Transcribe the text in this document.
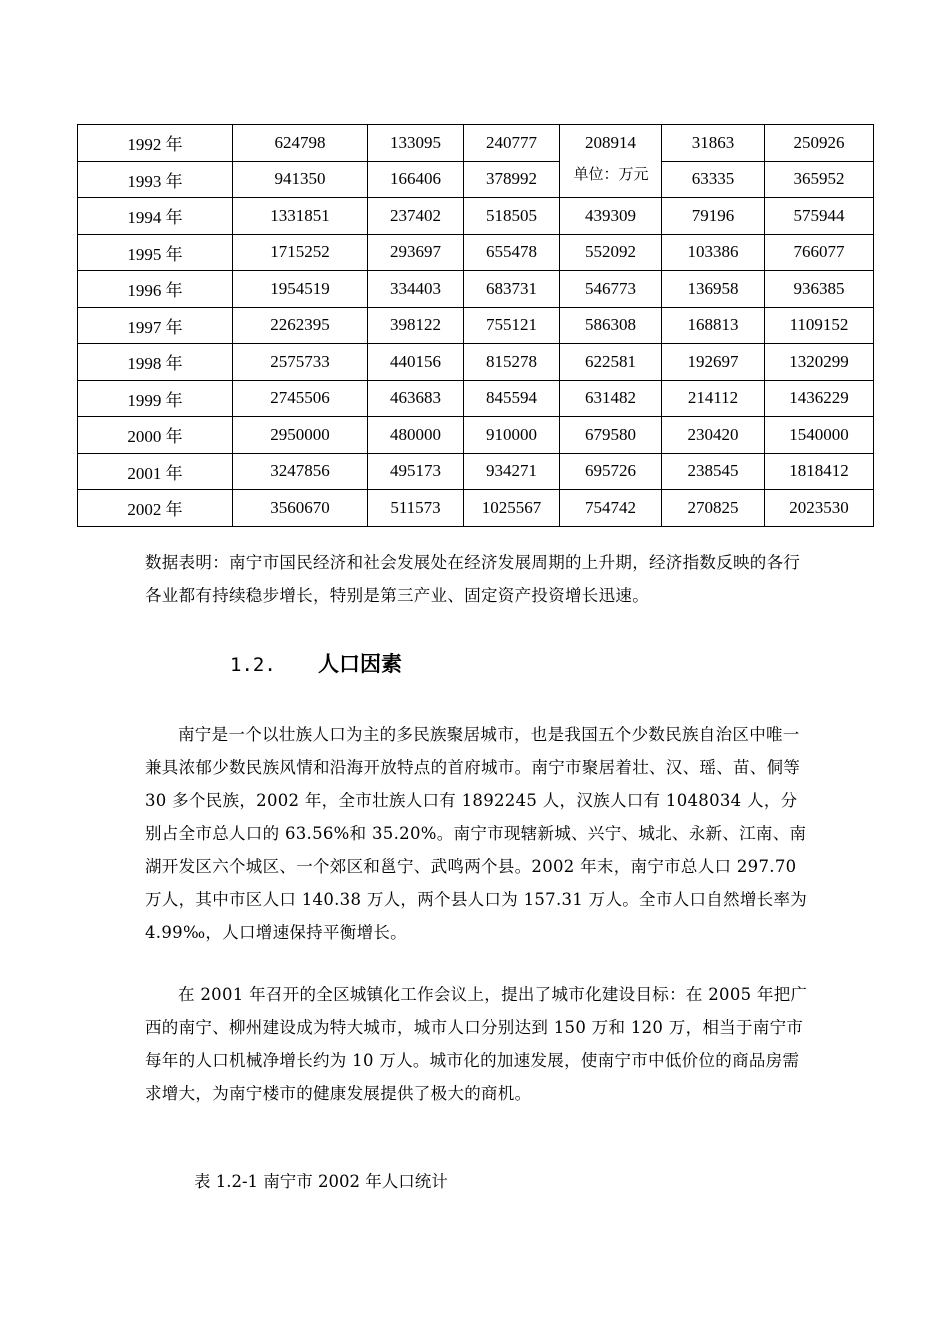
1992 年	624798	133095	240777	208914	31863	250926
1993 年	941350	166406	378992		63335	365952
1994 年	1331851	237402	518505	439309	79196	575944
1995 年	1715252	293697	655478	552092	103386	766077
1996 年	1954519	334403	683731	546773	136958	936385
1997 年	2262395	398122	755121	586308	168813	1109152
1998 年	2575733	440156	815278	622581	192697	1320299
1999 年	2745506	463683	845594	631482	214112	1436229
2000 年	2950000	480000	910000	679580	230420	1540000
2001 年	3247856	495173	934271	695726	238545	1818412
2002 年	3560670	511573	1025567	754742	270825	2023530
单位：万元

数据表明：南宁市国民经济和社会发展处在经济发展周期的上升期，经济指数反映的各行各业都有持续稳步增长，特别是第三产业、固定资产投资增长迅速。

1.2. 人口因素

南宁是一个以壮族人口为主的多民族聚居城市，也是我国五个少数民族自治区中唯一兼具浓郁少数民族风情和沿海开放特点的首府城市。南宁市聚居着壮、汉、瑶、苗、侗等 30 多个民族，2002 年，全市壮族人口有 1892245 人，汉族人口有 1048034 人，分别占全市总人口的 63.56%和 35.20%。南宁市现辖新城、兴宁、城北、永新、江南、南湖开发区六个城区、一个郊区和邕宁、武鸣两个县。2002 年末，南宁市总人口 297.70 万人，其中市区人口 140.38 万人，两个县人口为 157.31 万人。全市人口自然增长率为 4.99‰，人口增速保持平衡增长。

在 2001 年召开的全区城镇化工作会议上，提出了城市化建设目标：在 2005 年把广西的南宁、柳州建设成为特大城市，城市人口分别达到 150 万和 120 万，相当于南宁市每年的人口机械净增长约为 10 万人。城市化的加速发展，使南宁市中低价位的商品房需求增大，为南宁楼市的健康发展提供了极大的商机。

表 1.2-1 南宁市 2002 年人口统计
